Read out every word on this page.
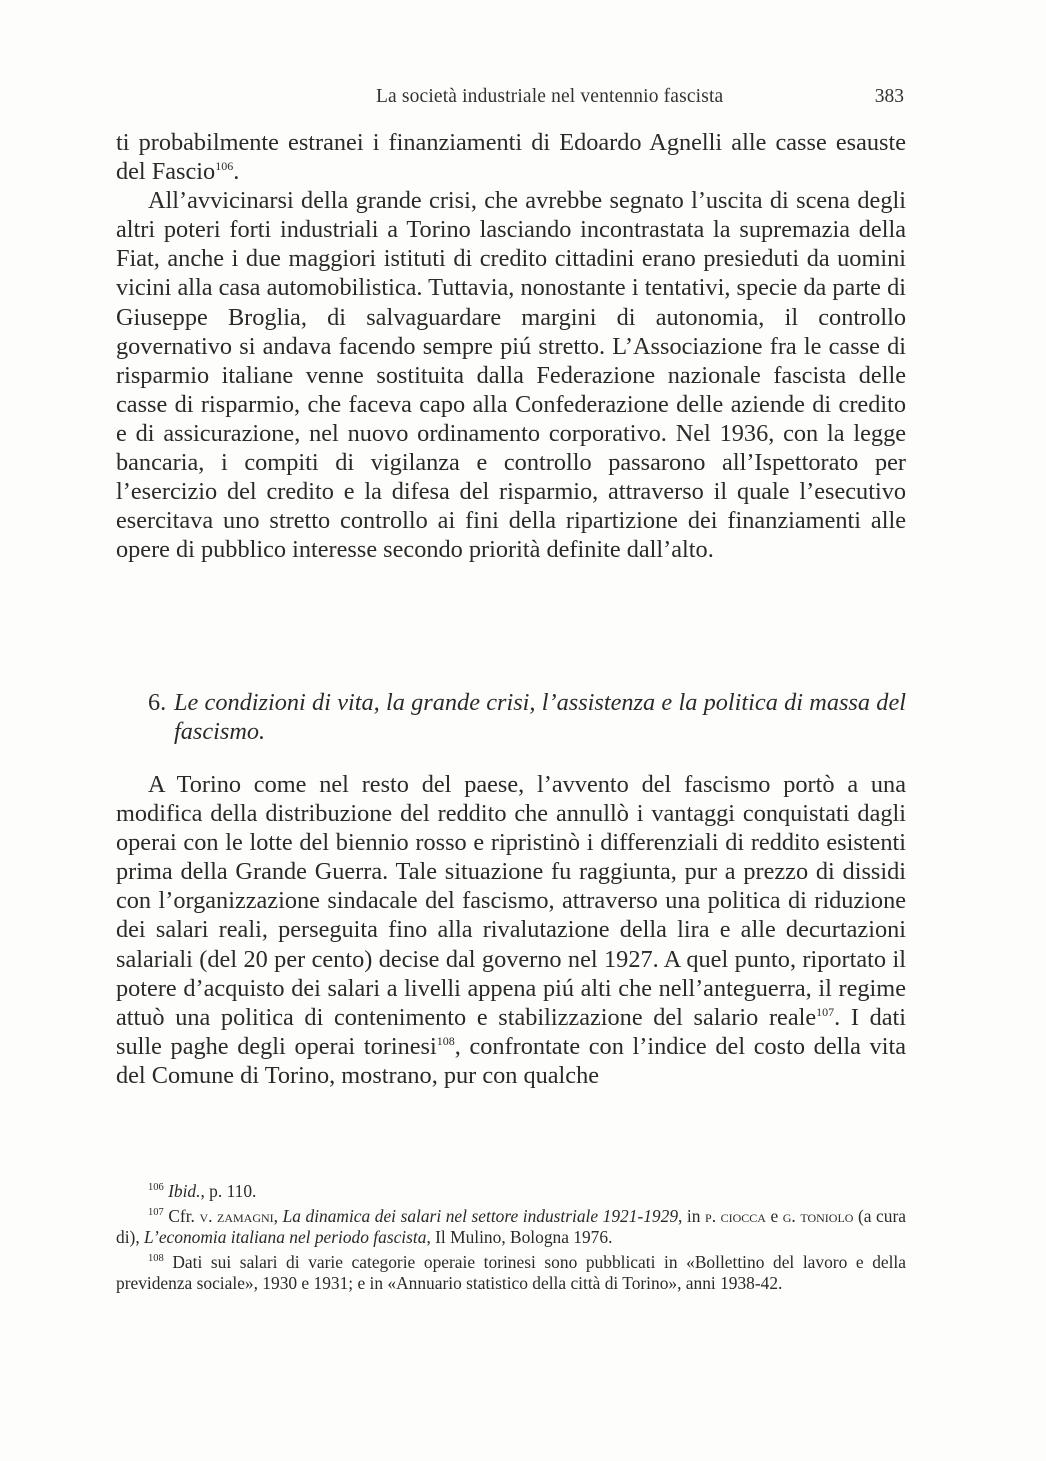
La società industriale nel ventennio fascista	383

ti probabilmente estranei i finanziamenti di Edoardo Agnelli alle casse esauste del Fascio$^{106}$.

All’avvicinarsi della grande crisi, che avrebbe segnato l’uscita di scena degli altri poteri forti industriali a Torino lasciando incontrastata la supremazia della Fiat, anche i due maggiori istituti di credito cittadini erano presieduti da uomini vicini alla casa automobilistica. Tuttavia, nonostante i tentativi, specie da parte di Giuseppe Broglia, di salvaguardare margini di autonomia, il controllo governativo si andava facendo sempre piú stretto. L’Associazione fra le casse di risparmio italiane venne sostituita dalla Federazione nazionale fascista delle casse di risparmio, che faceva capo alla Confederazione delle aziende di credito e di assicurazione, nel nuovo ordinamento corporativo. Nel 1936, con la legge bancaria, i compiti di vigilanza e controllo passarono all’Ispettorato per l’esercizio del credito e la difesa del risparmio, attraverso il quale l’esecutivo esercitava uno stretto controllo ai fini della ripartizione dei finanziamenti alle opere di pubblico interesse secondo priorità definite dall’alto.

6. Le condizioni di vita, la grande crisi, l’assistenza e la politica di massa del fascismo.

A Torino come nel resto del paese, l’avvento del fascismo portò a una modifica della distribuzione del reddito che annullò i vantaggi conquistati dagli operai con le lotte del biennio rosso e ripristinò i differenziali di reddito esistenti prima della Grande Guerra. Tale situazione fu raggiunta, pur a prezzo di dissidi con l’organizzazione sindacale del fascismo, attraverso una politica di riduzione dei salari reali, perseguita fino alla rivalutazione della lira e alle decurtazioni salariali (del 20 per cento) decise dal governo nel 1927. A quel punto, riportato il potere d’acquisto dei salari a livelli appena piú alti che nell’anteguerra, il regime attuò una politica di contenimento e stabilizzazione del salario reale$^{107}$. I dati sulle paghe degli operai torinesi$^{108}$, confrontate con l’indice del costo della vita del Comune di Torino, mostrano, pur con qualche

$^{106}$ Ibid., p. 110.

$^{107}$ Cfr. v. zamagni, La dinamica dei salari nel settore industriale 1921-1929, in p. ciocca e g. toniolo (a cura di), L’economia italiana nel periodo fascista, Il Mulino, Bologna 1976.

$^{108}$ Dati sui salari di varie categorie operaie torinesi sono pubblicati in «Bollettino del lavoro e della previdenza sociale», 1930 e 1931; e in «Annuario statistico della città di Torino», anni 1938-42.
